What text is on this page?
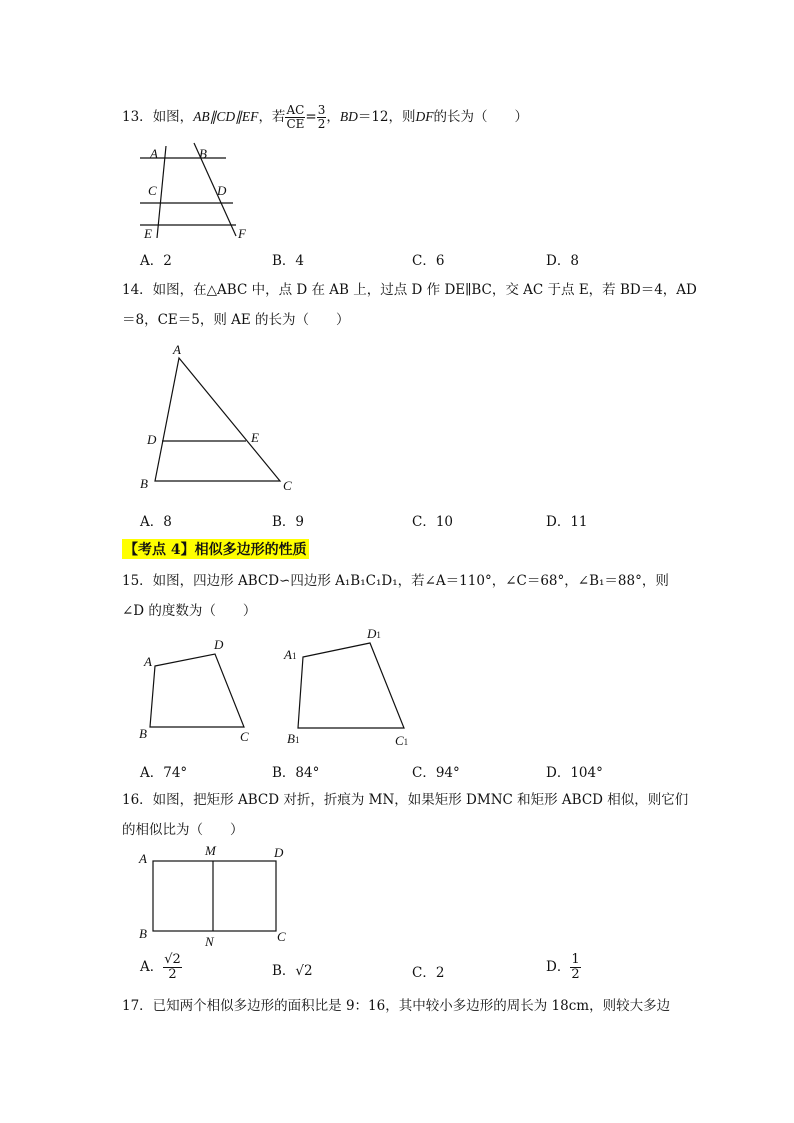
13．如图，AB∥CD∥EF，若 $\frac{AC}{CE} = \frac{3}{2}$ ，BD＝12，则DF的长为（　　）
A	B
C	D
E	F
A．2	B．4	C．6	D．8
14．如图，在△ABC 中，点 D 在 AB 上，过点 D 作 DE∥BC，交 AC 于点 E，若 BD＝4，AD
＝8，CE＝5，则 AE 的长为（　　）
A
D	E
B	C
A．8	B．9	C．10	D．11
【考点 4】相似多边形的性质
15．如图，四边形 ABCD∽四边形 A₁B₁C₁D₁，若∠A＝110°，∠C＝68°，∠B₁＝88°，则
∠D 的度数为（　　）
A
D
B	C
A1
D1
B1	C1
A．74°	B．84°	C．94°	D．104°
16．如图，把矩形 ABCD 对折，折痕为 MN，如果矩形 DMNC 和矩形 ABCD 相似，则它们
的相似比为（　　）
A
M	D
B
N	C
A． $\frac{√2}{2}$	B．√2	C．2	D． $\frac{1}{2}$
17．已知两个相似多边形的面积比是 9：16，其中较小多边形的周长为 18cm，则较大多边
